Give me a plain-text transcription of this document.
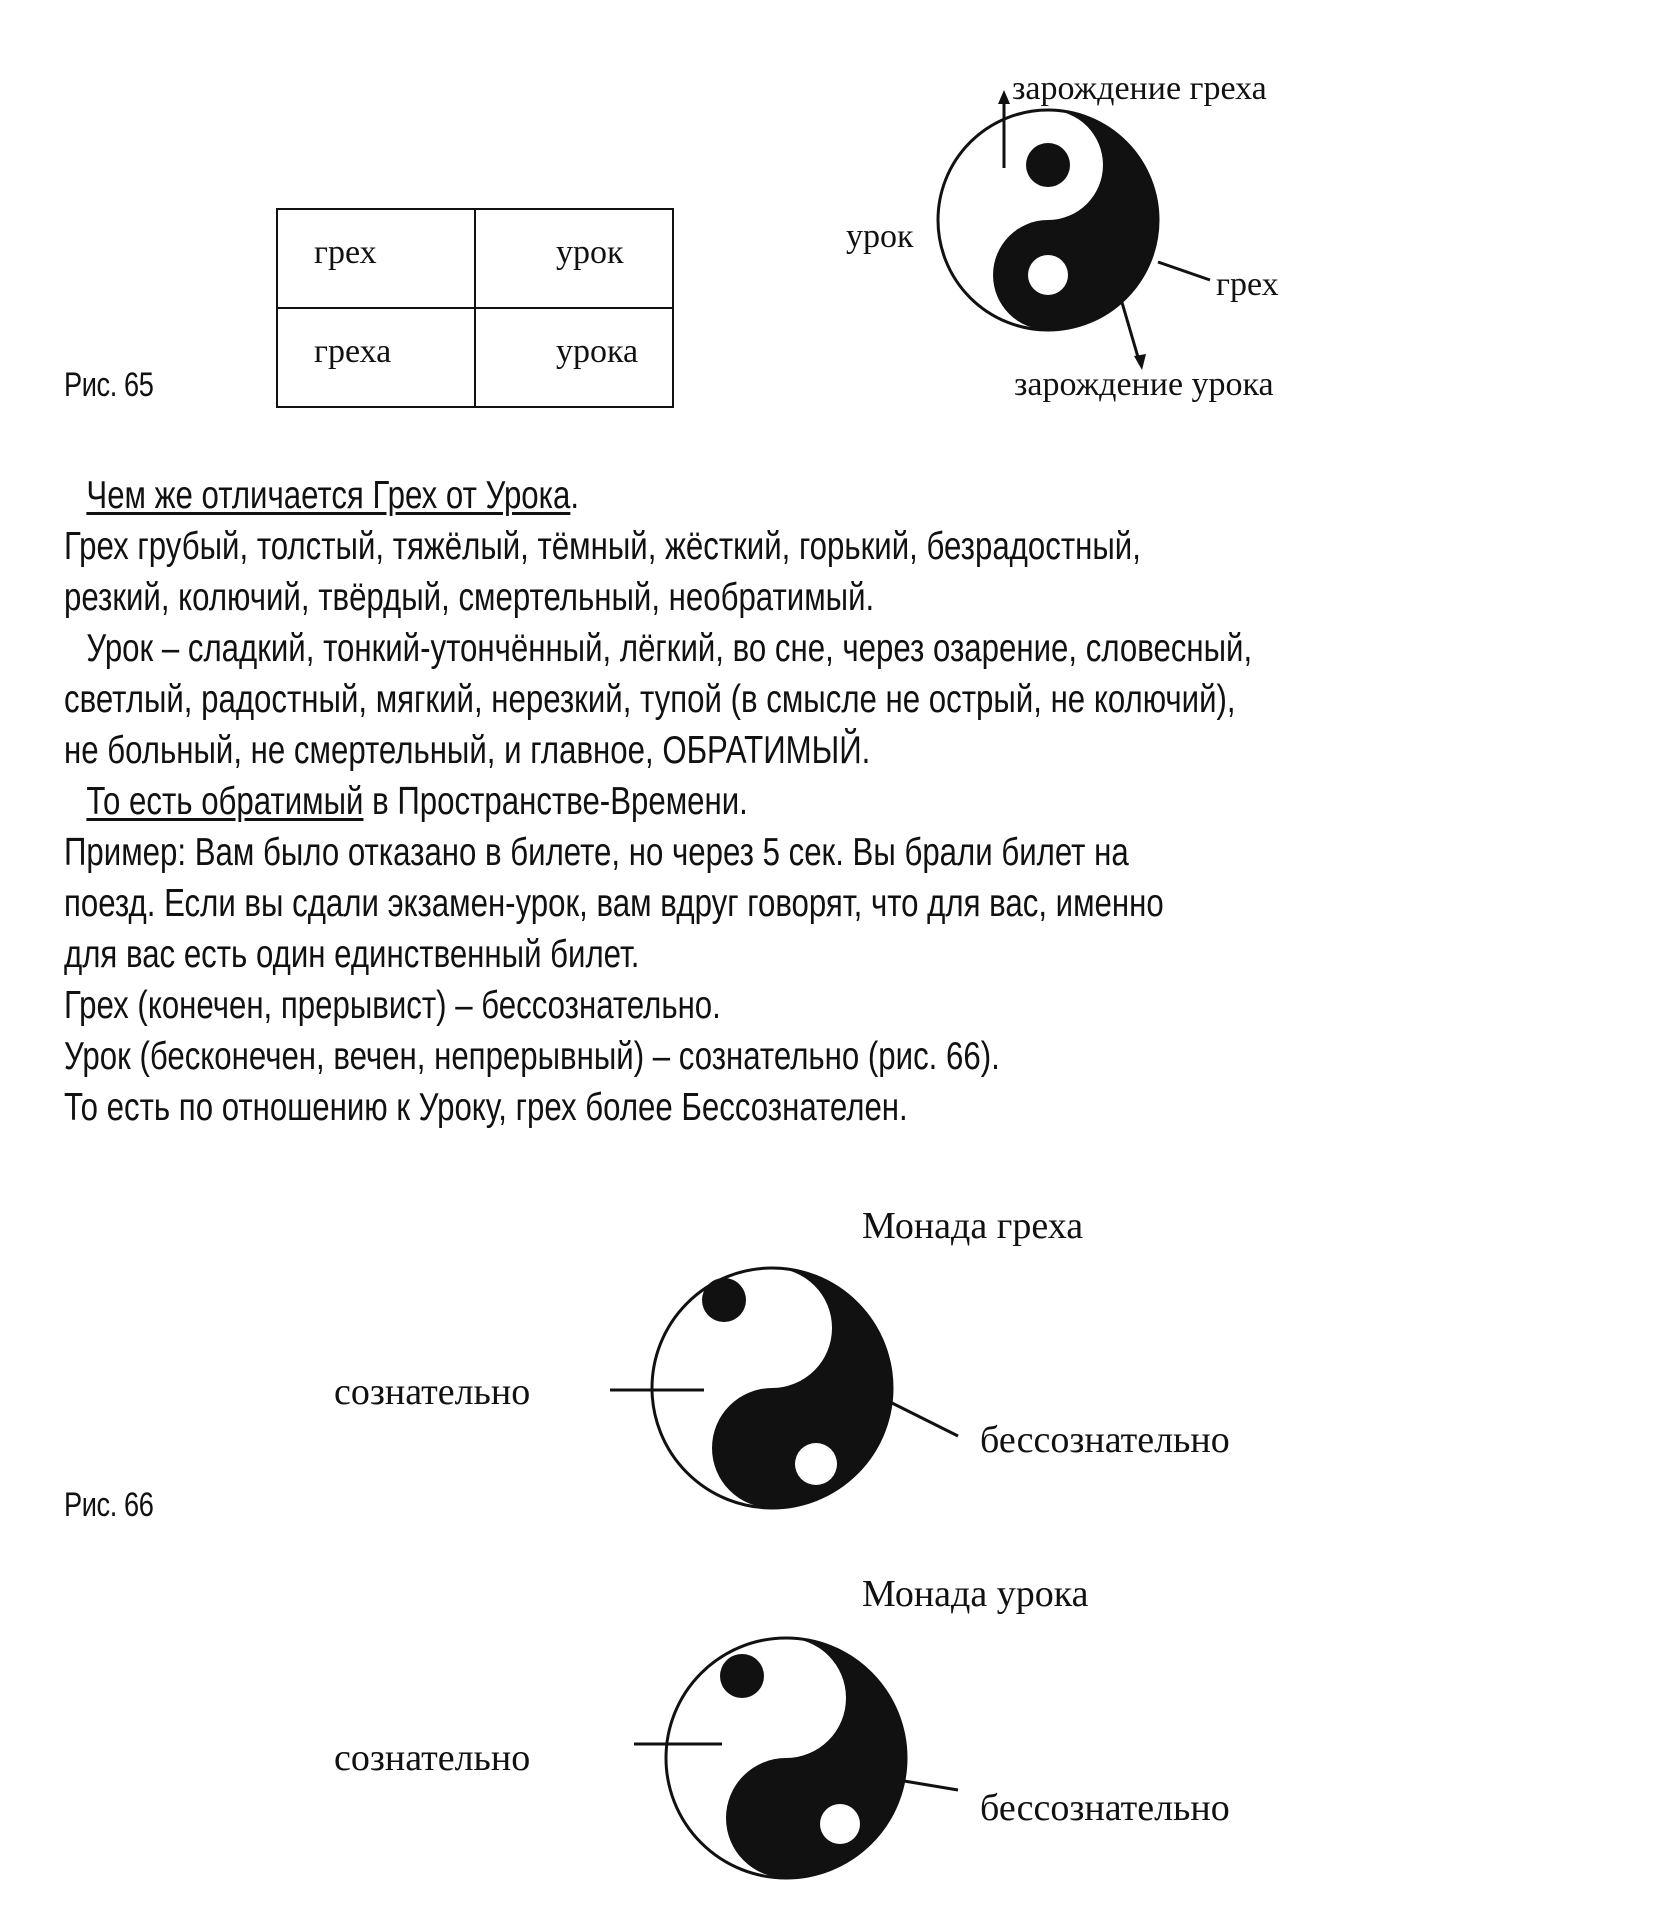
грех	урок
греха	урока
Рис. 65
зарождение греха
урок
грех
зарождение урока
Чем же отличается Грех от Урока.
Грех грубый, толстый, тяжёлый, тёмный, жёсткий, горький, безрадостный,
резкий, колючий, твёрдый, смертельный, необратимый.
Урок – сладкий, тонкий-утончённый, лёгкий, во сне, через озарение, словесный,
светлый, радостный, мягкий, нерезкий, тупой (в смысле не острый, не колючий),
не больный, не смертельный, и главное, ОБРАТИМЫЙ.
То есть обратимый в Пространстве-Времени.
Пример: Вам было отказано в билете, но через 5 сек. Вы брали билет на
поезд. Если вы сдали экзамен-урок, вам вдруг говорят, что для вас, именно
для вас есть один единственный билет.
Грех (конечен, прерывист) – бессознательно.
Урок (бесконечен, вечен, непрерывный) – сознательно (рис. 66).
То есть по отношению к Уроку, грех более Бессознателен.
Рис. 66
Монада греха
сознательно
бессознательно
Монада урока
сознательно
бессознательно
